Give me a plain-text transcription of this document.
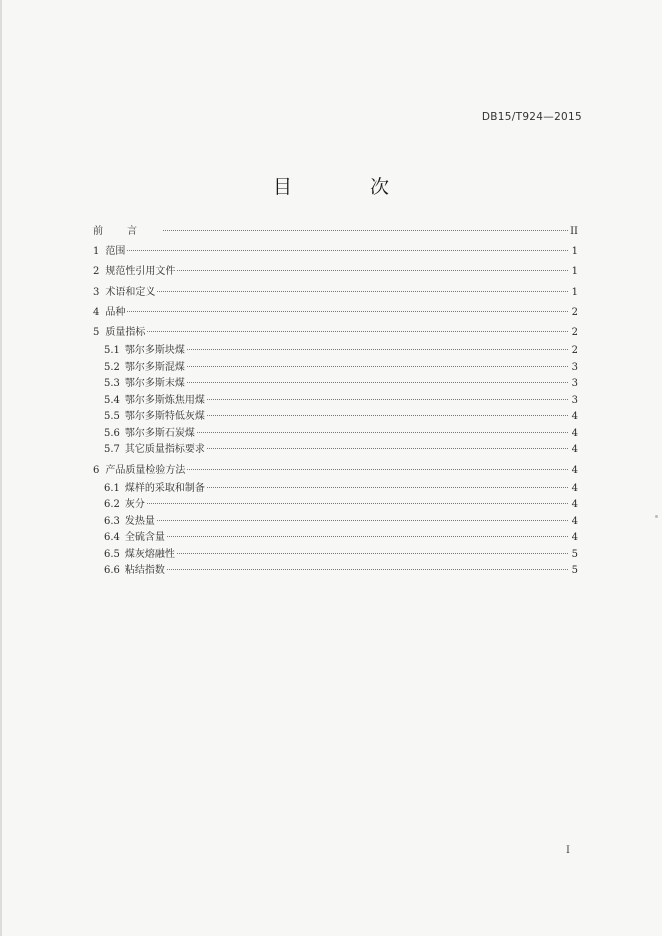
DB15/T924—2015
目 次
前言	II
1 范围	1
2 规范性引用文件	1
3 术语和定义	1
4 品种	2
5 质量指标	2
5.1 鄂尔多斯块煤	2
5.2 鄂尔多斯混煤	3
5.3 鄂尔多斯末煤	3
5.4 鄂尔多斯炼焦用煤	3
5.5 鄂尔多斯特低灰煤	4
5.6 鄂尔多斯石炭煤	4
5.7 其它质量指标要求	4
6 产品质量检验方法	4
6.1 煤样的采取和制备	4
6.2 灰分	4
6.3 发热量	4
6.4 全硫含量	4
6.5 煤灰熔融性	5
6.6 粘结指数	5
I
